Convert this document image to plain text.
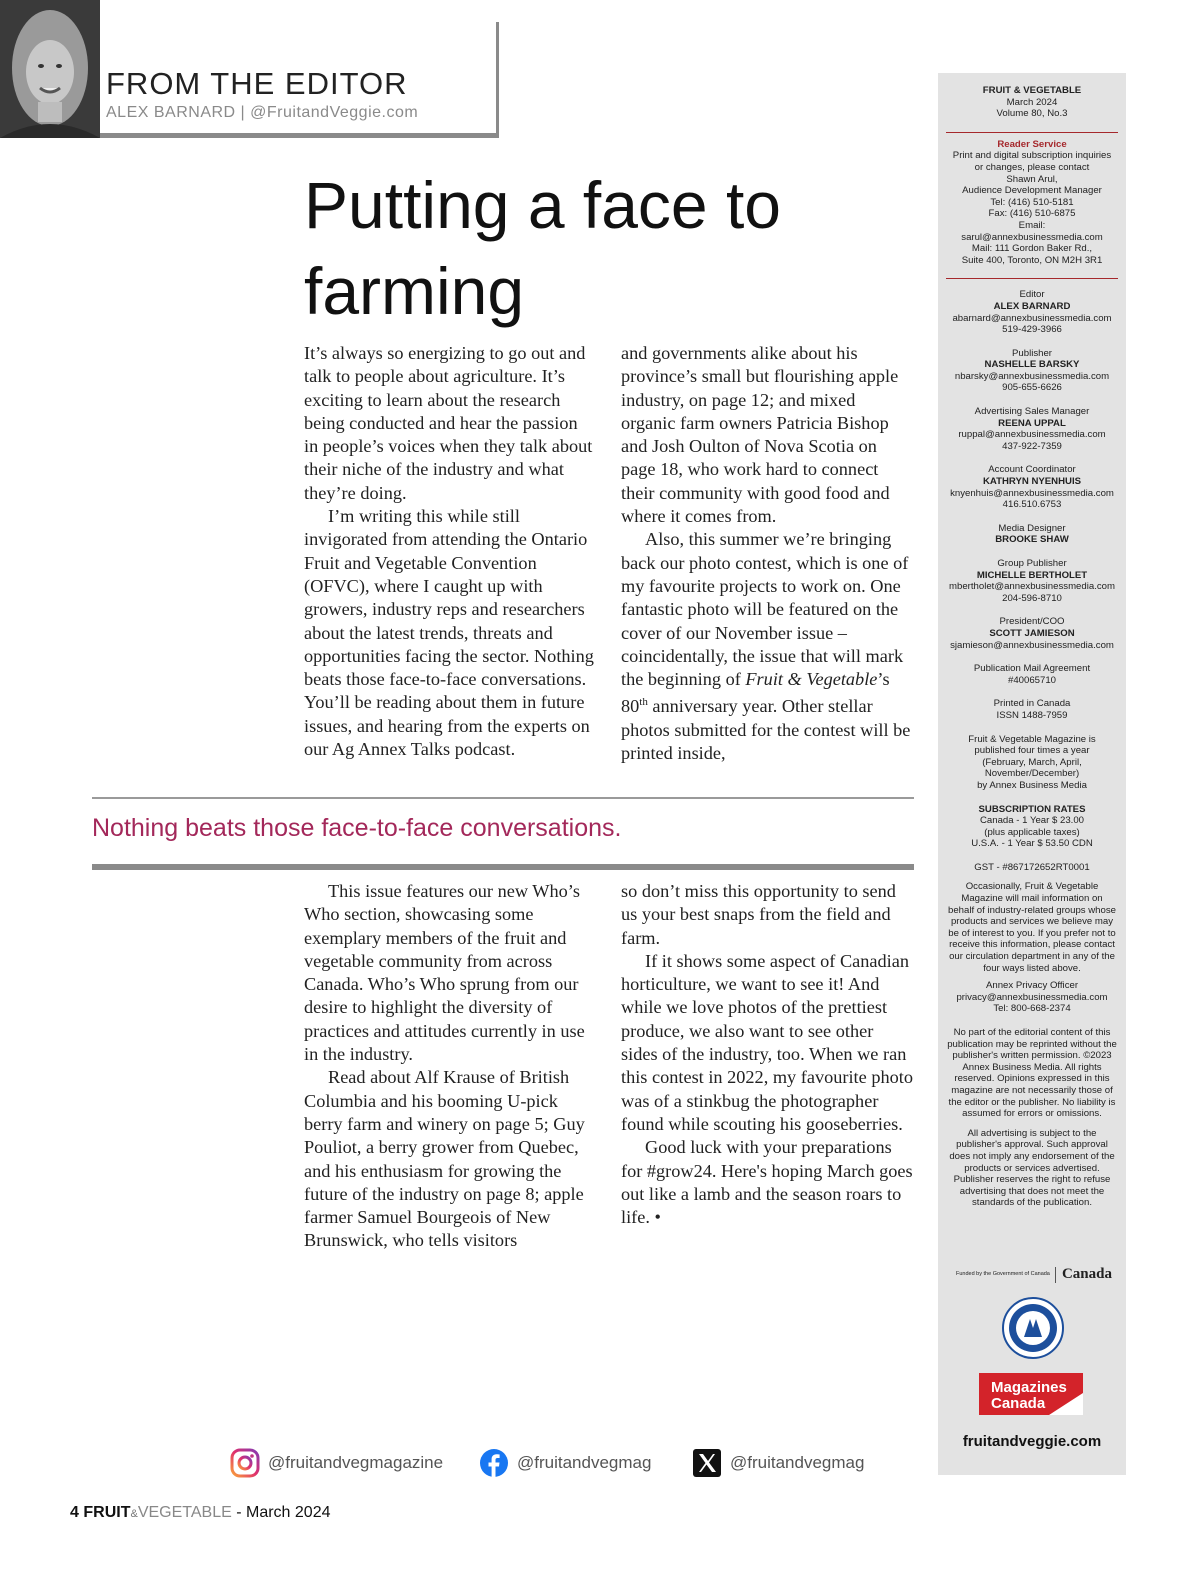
FROM THE EDITOR
ALEX BARNARD | @FruitandVeggie.com
Putting a face to
farming

It’s always so energizing to go out and talk to people about agriculture. It’s exciting to learn about the research being conducted and hear the passion in people’s voices when they talk about their niche of the industry and what they’re doing.

I’m writing this while still invigorated from attending the Ontario Fruit and Vegetable Convention (OFVC), where I caught up with growers, industry reps and researchers about the latest trends, threats and opportunities facing the sector. Nothing beats those face-to-face conversations. You’ll be reading about them in future issues, and hearing from the experts on our Ag Annex Talks podcast.

and governments alike about his province’s small but flourishing apple industry, on page 12; and mixed organic farm owners Patricia Bishop and Josh Oulton of Nova Scotia on page 18, who work hard to connect their community with good food and where it comes from.

Also, this summer we’re bringing back our photo contest, which is one of my favourite projects to work on. One fantastic photo will be featured on the cover of our November issue – coincidentally, the issue that will mark the beginning of Fruit & Vegetable’s 80th anniversary year. Other stellar photos submitted for the contest will be printed inside,

Nothing beats those face-to-face conversations.

This issue features our new Who’s Who section, showcasing some exemplary members of the fruit and vegetable community from across Canada. Who’s Who sprung from our desire to highlight the diversity of practices and attitudes currently in use in the industry.

Read about Alf Krause of British Columbia and his booming U-pick berry farm and winery on page 5; Guy Pouliot, a berry grower from Quebec, and his enthusiasm for growing the future of the industry on page 8; apple farmer Samuel Bourgeois of New Brunswick, who tells visitors

so don’t miss this opportunity to send us your best snaps from the field and farm.

If it shows some aspect of Canadian horticulture, we want to see it! And while we love photos of the prettiest produce, we also want to see other sides of the industry, too. When we ran this contest in 2022, my favourite photo was of a stinkbug the photographer found while scouting his gooseberries.

Good luck with your preparations for #grow24. Here's hoping March goes out like a lamb and the season roars to life. •

FRUIT & VEGETABLE
March 2024
Volume 80, No.3
Reader Service
Print and digital subscription inquiries
or changes, please contact
Shawn Arul,
Audience Development Manager
Tel: (416) 510-5181
Fax: (416) 510-6875
Email:
sarul@annexbusinessmedia.com
Mail: 111 Gordon Baker Rd.,
Suite 400, Toronto, ON M2H 3R1
Editor
ALEX BARNARD
abarnard@annexbusinessmedia.com
519-429-3966
Publisher
NASHELLE BARSKY
nbarsky@annexbusinessmedia.com
905-655-6626
Advertising Sales Manager
REENA UPPAL
ruppal@annexbusinessmedia.com
437-922-7359
Account Coordinator
KATHRYN NYENHUIS
knyenhuis@annexbusinessmedia.com
416.510.6753
Media Designer
BROOKE SHAW
Group Publisher
MICHELLE BERTHOLET
mbertholet@annexbusinessmedia.com
204-596-8710
President/COO
SCOTT JAMIESON
sjamieson@annexbusinessmedia.com
Publication Mail Agreement
#40065710
Printed in Canada
ISSN 1488-7959
Fruit & Vegetable Magazine is
published four times a year
(February, March, April,
November/December)
by Annex Business Media
SUBSCRIPTION RATES
Canada - 1 Year $ 23.00
(plus applicable taxes)
U.S.A. - 1 Year $ 53.50 CDN
GST - #867172652RT0001
Occasionally, Fruit & Vegetable Magazine will mail information on behalf of industry-related groups whose products and services we believe may be of interest to you. If you prefer not to receive this information, please contact our circulation department in any of the four ways listed above.
Annex Privacy Officer
privacy@annexbusinessmedia.com
Tel: 800-668-2374
No part of the editorial content of this publication may be reprinted without the publisher's written permission. ©2023 Annex Business Media. All rights reserved. Opinions expressed in this magazine are not necessarily those of the editor or the publisher. No liability is assumed for errors or omissions.
All advertising is subject to the publisher's approval. Such approval does not imply any endorsement of the products or services advertised. Publisher reserves the right to refuse advertising that does not meet the standards of the publication.
Funded by the Government of Canada Canada
Magazines
Canada
fruitandveggie.com
@fruitandvegmagazine	@fruitandvegmag	@fruitandvegmag
4 FRUIT&VEGETABLE - March 2024
